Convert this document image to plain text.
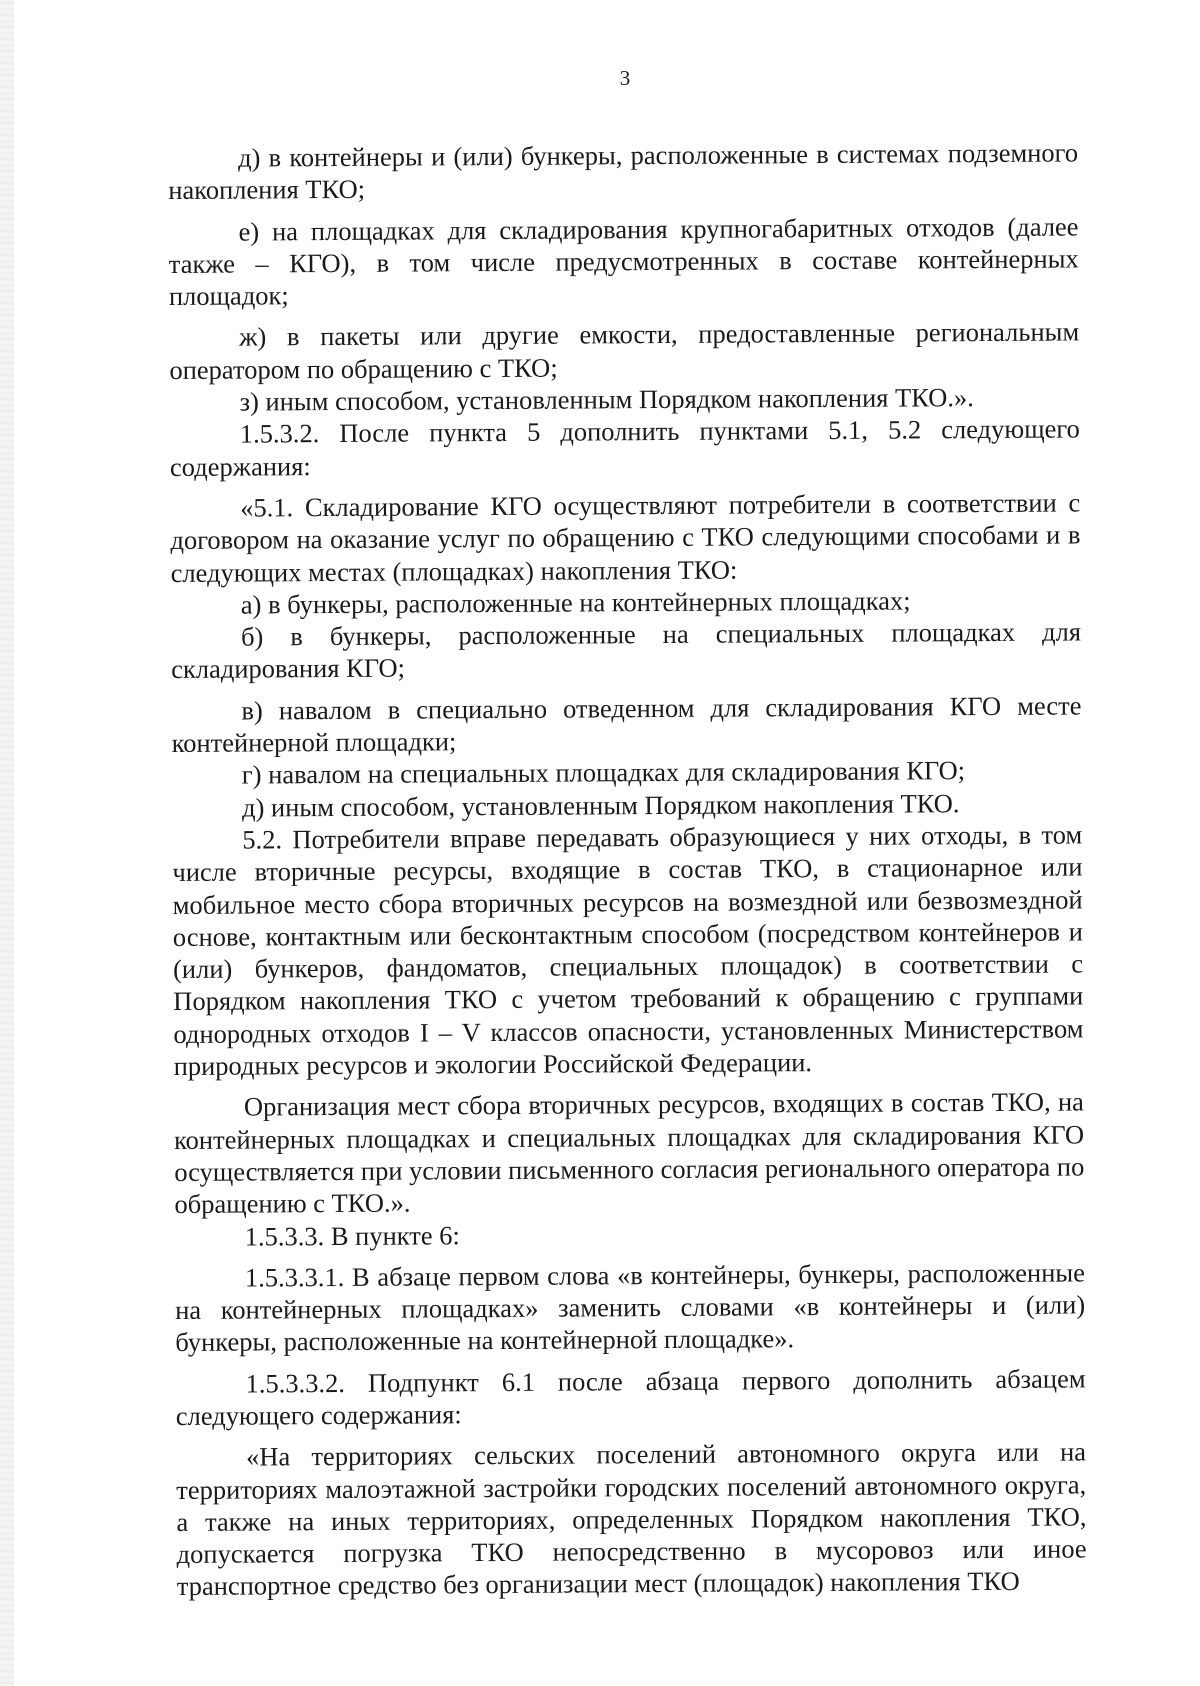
3

д) в контейнеры и (или) бункеры, расположенные в системах подземного накопления ТКО;

е) на площадках для складирования крупногабаритных отходов (далее также – КГО), в том числе предусмотренных в составе контейнерных площадок;

ж) в пакеты или другие емкости, предоставленные региональным оператором по обращению с ТКО;

з) иным способом, установленным Порядком накопления ТКО.».

1.5.3.2. После пункта 5 дополнить пунктами 5.1, 5.2 следующего содержания:

«5.1. Складирование КГО осуществляют потребители в соответствии с договором на оказание услуг по обращению с ТКО следующими способами и в следующих местах (площадках) накопления ТКО:

а) в бункеры, расположенные на контейнерных площадках;

б) в бункеры, расположенные на специальных площадках для складирования КГО;

в) навалом в специально отведенном для складирования КГО месте контейнерной площадки;

г) навалом на специальных площадках для складирования КГО;

д) иным способом, установленным Порядком накопления ТКО.

5.2. Потребители вправе передавать образующиеся у них отходы, в том числе вторичные ресурсы, входящие в состав ТКО, в стационарное или мобильное место сбора вторичных ресурсов на возмездной или безвозмездной основе, контактным или бесконтактным способом (посредством контейнеров и (или) бункеров, фандоматов, специальных площадок) в соответствии с Порядком накопления ТКО с учетом требований к обращению с группами однородных отходов I – V классов опасности, установленных Министерством природных ресурсов и экологии Российской Федерации.

Организация мест сбора вторичных ресурсов, входящих в состав ТКО, на контейнерных площадках и специальных площадках для складирования КГО осуществляется при условии письменного согласия регионального оператора по обращению с ТКО.».

1.5.3.3. В пункте 6:

1.5.3.3.1. В абзаце первом слова «в контейнеры, бункеры, расположенные на контейнерных площадках» заменить словами «в контейнеры и (или) бункеры, расположенные на контейнерной площадке».

1.5.3.3.2. Подпункт 6.1 после абзаца первого дополнить абзацем следующего содержания:

«На территориях сельских поселений автономного округа или на территориях малоэтажной застройки городских поселений автономного округа, а также на иных территориях, определенных Порядком накопления ТКО, допускается погрузка ТКО непосредственно в мусоровоз или иное транспортное средство без организации мест (площадок) накопления ТКО
